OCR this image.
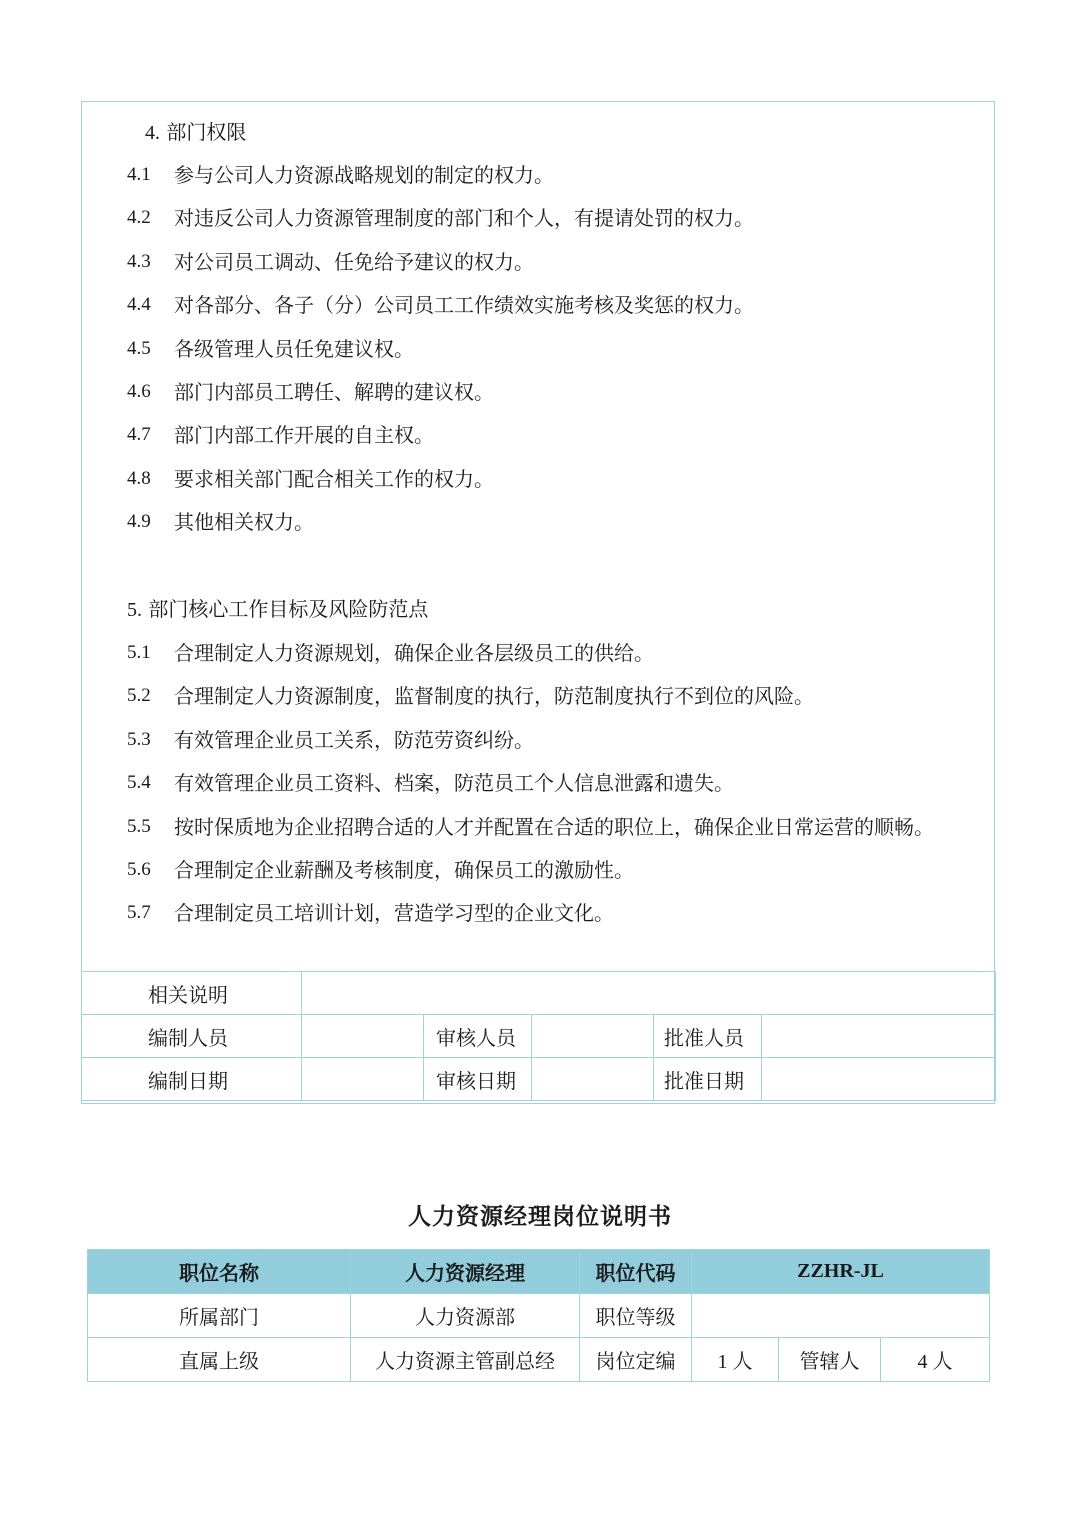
4. 部门权限
4.1	参与公司人力资源战略规划的制定的权力。
4.2	对违反公司人力资源管理制度的部门和个人，有提请处罚的权力。
4.3	对公司员工调动、任免给予建议的权力。
4.4	对各部分、各子（分）公司员工工作绩效实施考核及奖惩的权力。
4.5	各级管理人员任免建议权。
4.6	部门内部员工聘任、解聘的建议权。
4.7	部门内部工作开展的自主权。
4.8	要求相关部门配合相关工作的权力。
4.9	其他相关权力。
5. 部门核心工作目标及风险防范点
5.1	合理制定人力资源规划，确保企业各层级员工的供给。
5.2	合理制定人力资源制度，监督制度的执行，防范制度执行不到位的风险。
5.3	有效管理企业员工关系，防范劳资纠纷。
5.4	有效管理企业员工资料、档案，防范员工个人信息泄露和遗失。
5.5	按时保质地为企业招聘合适的人才并配置在合适的职位上，确保企业日常运营的顺畅。
5.6	合理制定企业薪酬及考核制度，确保员工的激励性。
5.7	合理制定员工培训计划，营造学习型的企业文化。
相关说明					
编制人员		审核人员		批准人员	
编制日期		审核日期		批准日期	
人力资源经理岗位说明书
职位名称	人力资源经理	职位代码	ZZHR-JL		
所属部门	人力资源部	职位等级			
直属上级	人力资源主管副总经	岗位定编	1 人	管辖人	4 人
